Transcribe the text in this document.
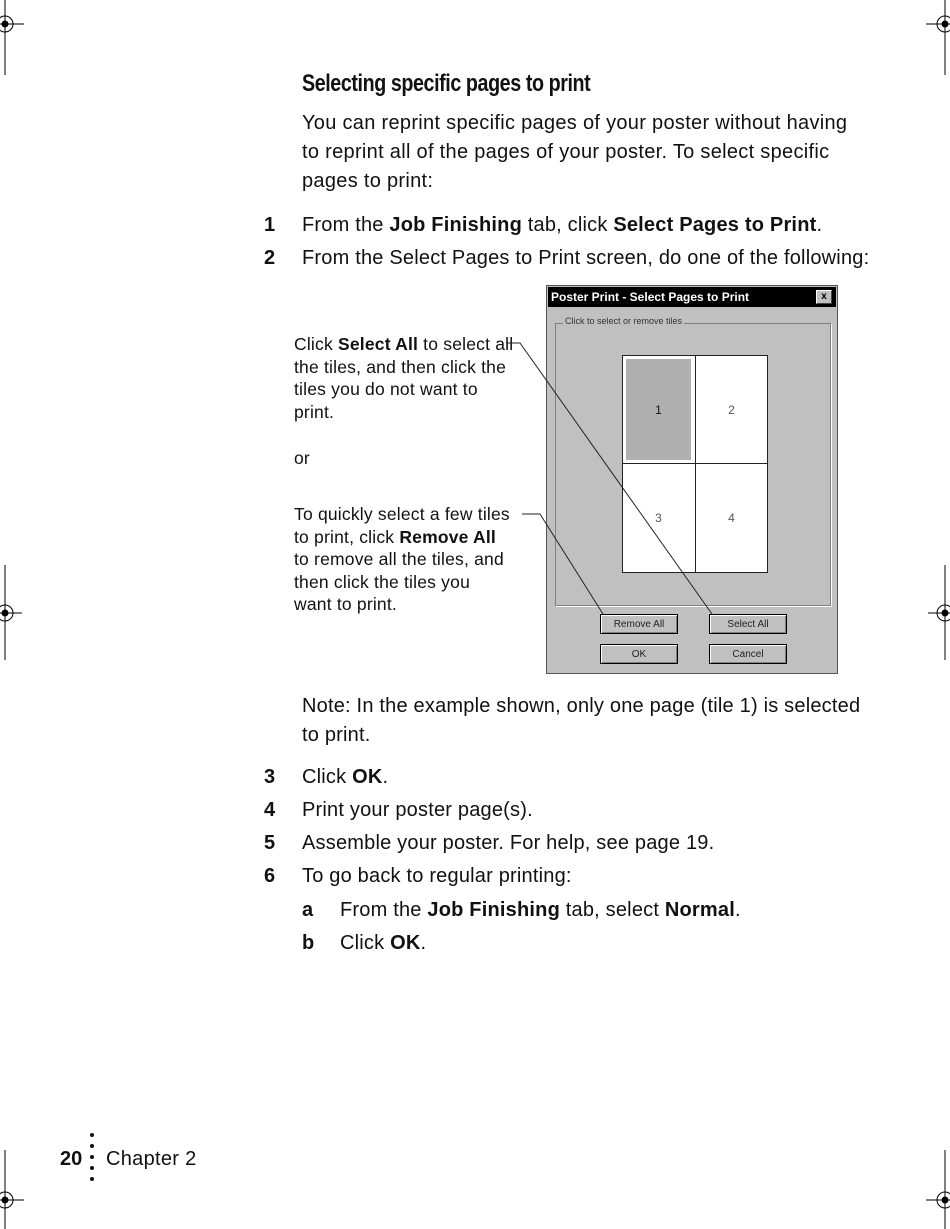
Selecting specific pages to print
You can reprint specific pages of your poster without having to reprint all of the pages of your poster. To select specific pages to print:
1 From the Job Finishing tab, click Select Pages to Print.
2 From the Select Pages to Print screen, do one of the following:
Click Select All to select all
the tiles, and then click the
tiles you do not want to
print.
or
To quickly select a few tiles
to print, click Remove All
to remove all the tiles, and
then click the tiles you
want to print.
Poster Print - Select Pages to Print	x
Click to select or remove tiles
1	2
3	4
Remove All	Select All
OK	Cancel
Note: In the example shown, only one page (tile 1) is selected to print.
3 Click OK.
4 Print your poster page(s).
5 Assemble your poster. For help, see page 19.
6 To go back to regular printing:
a From the Job Finishing tab, select Normal.
b Click OK.
20 Chapter 2
